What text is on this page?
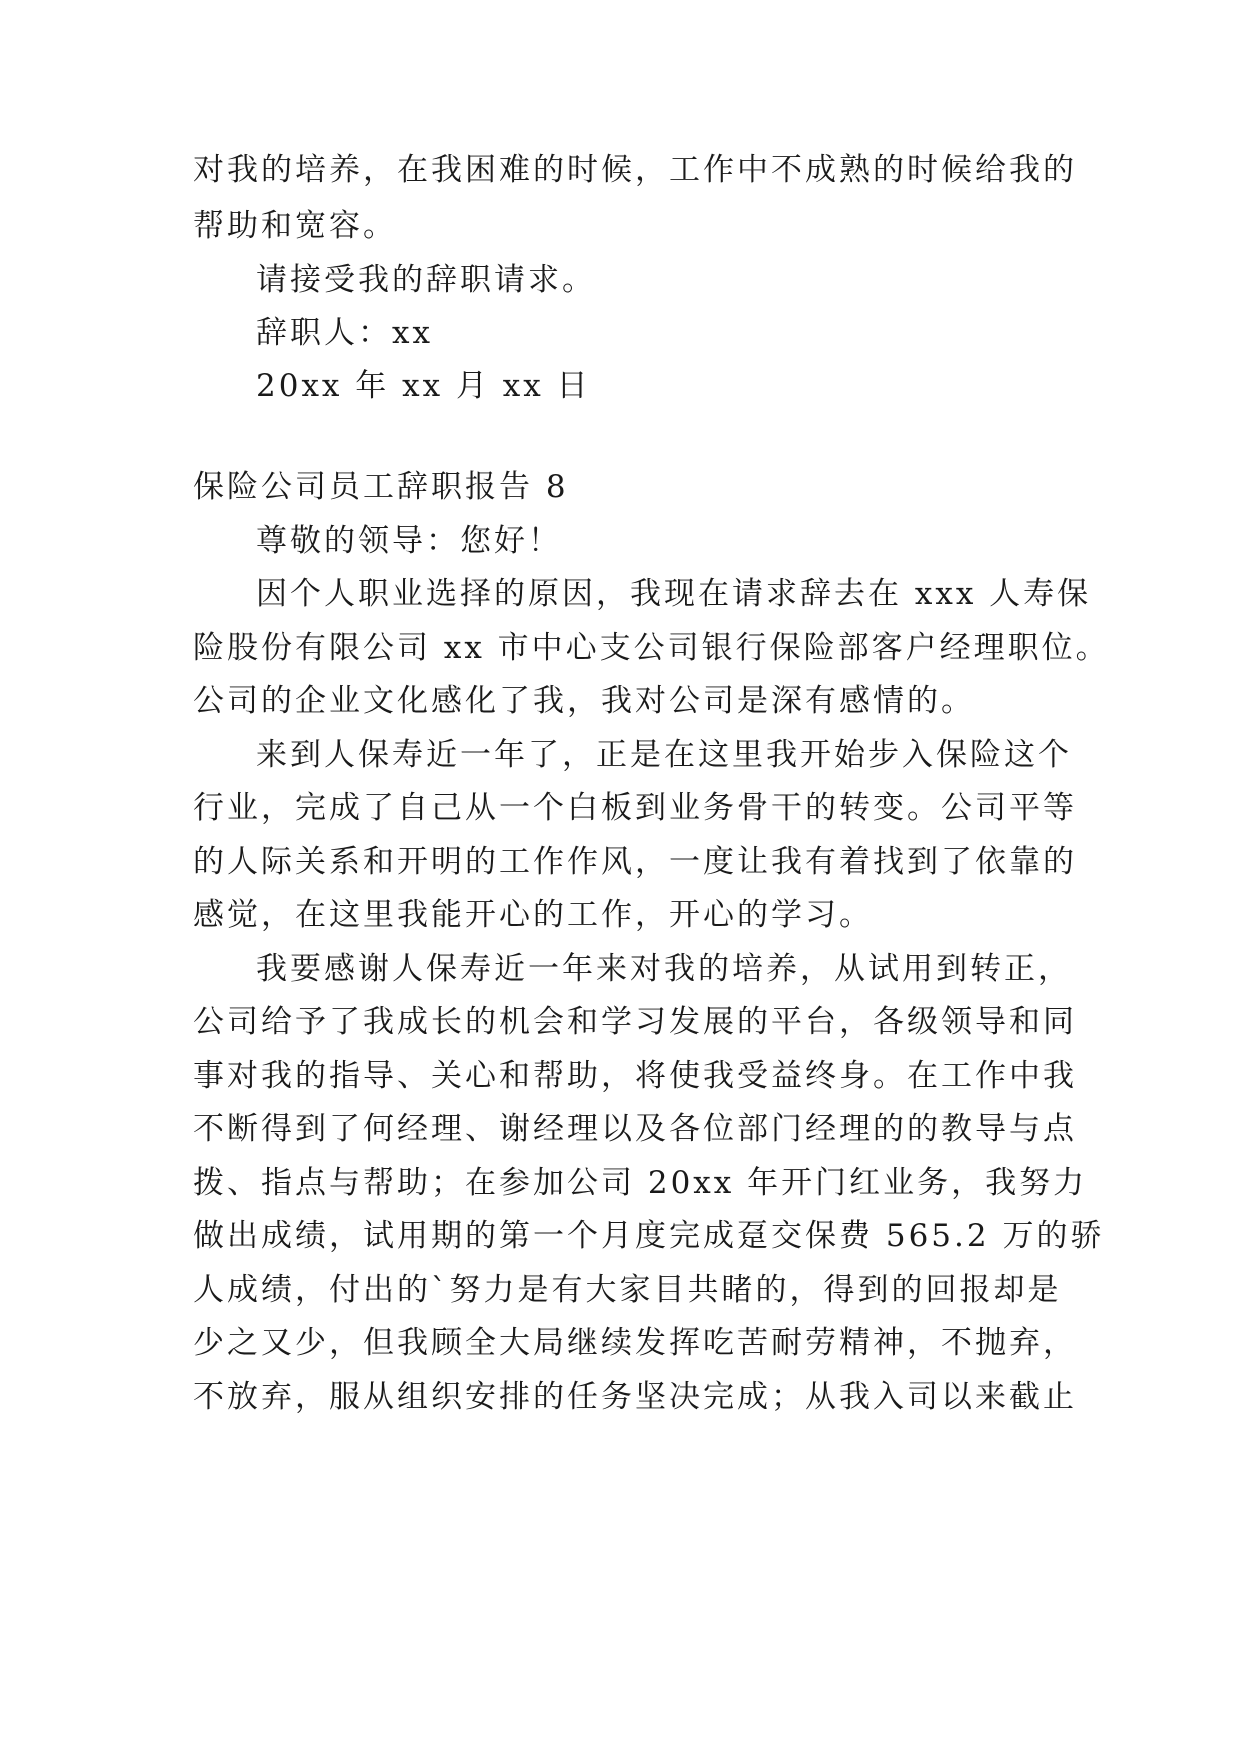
对我的培养，在我困难的时候，工作中不成熟的时候给我的
帮助和宽容。
请接受我的辞职请求。
辞职人：xx
20xx 年 xx 月 xx 日
保险公司员工辞职报告 8
尊敬的领导：您好！
因个人职业选择的原因，我现在请求辞去在 xxx 人寿保
险股份有限公司 xx 市中心支公司银行保险部客户经理职位。
公司的企业文化感化了我，我对公司是深有感情的。
来到人保寿近一年了，正是在这里我开始步入保险这个
行业，完成了自己从一个白板到业务骨干的转变。公司平等
的人际关系和开明的工作作风，一度让我有着找到了依靠的
感觉，在这里我能开心的工作，开心的学习。
我要感谢人保寿近一年来对我的培养，从试用到转正，
公司给予了我成长的机会和学习发展的平台，各级领导和同
事对我的指导、关心和帮助，将使我受益终身。在工作中我
不断得到了何经理、谢经理以及各位部门经理的的教导与点
拨、指点与帮助；在参加公司 20xx 年开门红业务，我努力
做出成绩，试用期的第一个月度完成趸交保费 565.2 万的骄
人成绩，付出的`努力是有大家目共睹的，得到的回报却是
少之又少，但我顾全大局继续发挥吃苦耐劳精神，不抛弃，
不放弃，服从组织安排的任务坚决完成；从我入司以来截止
